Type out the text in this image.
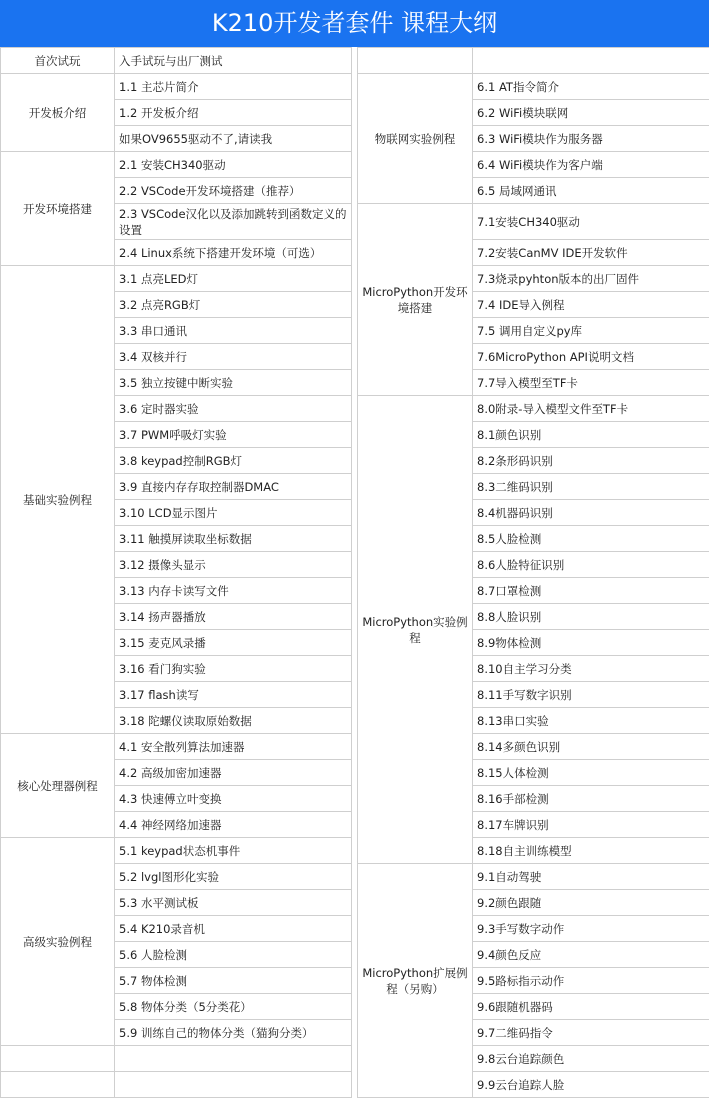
K210开发者套件 课程大纲
首次试玩	入手试玩与出厂测试			
开发板介绍	1.1 主芯片简介		物联网实验例程	6.1 AT指令简介
	1.2 开发板介绍			6.2 WiFi模块联网
	如果OV9655驱动不了,请读我			6.3 WiFi模块作为服务器
开发环境搭建	2.1 安装CH340驱动			6.4 WiFi模块作为客户端
	2.2 VSCode开发环境搭建（推荐）			6.5 局域网通讯
	2.3 VSCode汉化以及添加跳转到函数定义的设置		MicroPython开发环境搭建	7.1安装CH340驱动
	2.4 Linux系统下搭建开发环境（可选）			7.2安装CanMV IDE开发软件
基础实验例程	3.1 点亮LED灯			7.3烧录pyhton版本的出厂固件
	3.2 点亮RGB灯			7.4 IDE导入例程
	3.3 串口通讯			7.5 调用自定义py库
	3.4 双核并行			7.6MicroPython API说明文档
	3.5 独立按键中断实验			7.7导入模型至TF卡
	3.6 定时器实验		MicroPython实验例程	8.0附录-导入模型文件至TF卡
	3.7 PWM呼吸灯实验			8.1颜色识别
	3.8 keypad控制RGB灯			8.2条形码识别
	3.9 直接内存存取控制器DMAC			8.3二维码识别
	3.10 LCD显示图片			8.4机器码识别
	3.11 触摸屏读取坐标数据			8.5人脸检测
	3.12 摄像头显示			8.6人脸特征识别
	3.13 内存卡读写文件			8.7口罩检测
	3.14 扬声器播放			8.8人脸识别
	3.15 麦克风录播			8.9物体检测
	3.16 看门狗实验			8.10自主学习分类
	3.17 flash读写			8.11手写数字识别
	3.18 陀螺仪读取原始数据			8.13串口实验
核心处理器例程	4.1 安全散列算法加速器			8.14多颜色识别
	4.2 高级加密加速器			8.15人体检测
	4.3 快速傅立叶变换			8.16手部检测
	4.4 神经网络加速器			8.17车牌识别
高级实验例程	5.1 keypad状态机事件			8.18自主训练模型
	5.2 lvgl图形化实验		MicroPython扩展例程（另购）	9.1自动驾驶
	5.3 水平测试板			9.2颜色跟随
	5.4 K210录音机			9.3手写数字动作
	5.6 人脸检测			9.4颜色反应
	5.7 物体检测			9.5路标指示动作
	5.8 物体分类（5分类花）			9.6跟随机器码
	5.9 训练自己的物体分类（猫狗分类）			9.7二维码指令
				9.8云台追踪颜色
				9.9云台追踪人脸
